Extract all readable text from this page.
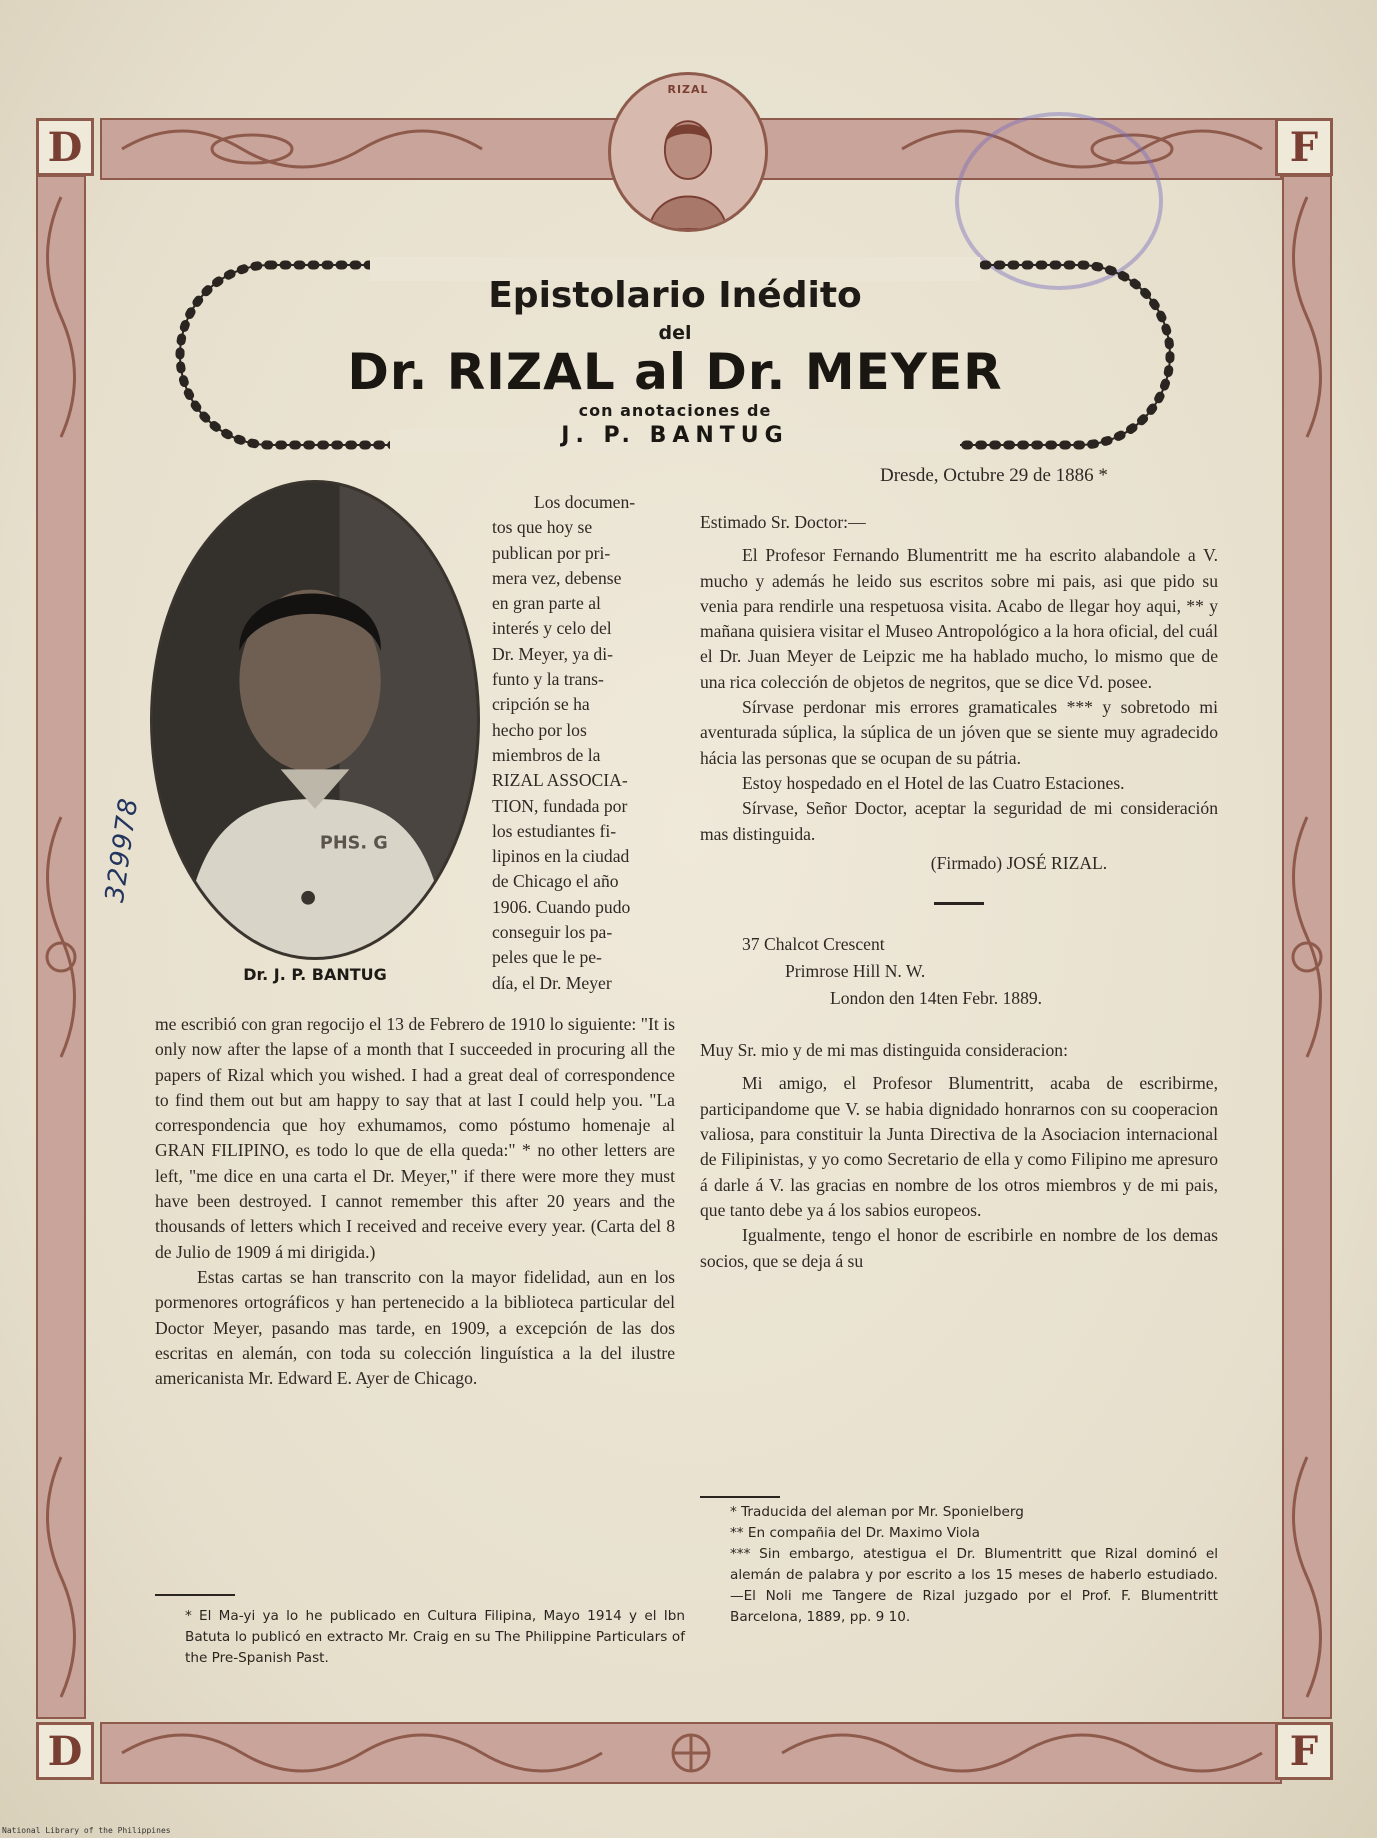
D	F
D	F
RIZAL
Epistolario Inédito
del
Dr. RIZAL al Dr. MEYER
con anotaciones de
J. P. BANTUG
PHS. G
Dr. J. P. BANTUG
329978
Los documen-
tos que hoy se
publican por pri-
mera vez, debense
en gran parte al
interés y celo del
Dr. Meyer, ya di-
funto y la trans-
cripción se ha
hecho por los
miembros de la
RIZAL ASSOCIA-
TION, fundada por
los estudiantes fi-
lipinos en la ciudad
de Chicago el año
1906. Cuando pudo
conseguir los pa-
peles que le pe-
día, el Dr. Meyer

me escribió con gran regocijo el 13 de Febrero de 1910 lo siguiente: "It is only now after the lapse of a month that I succeeded in procuring all the papers of Rizal which you wished. I had a great deal of correspondence to find them out but am happy to say that at last I could help you. "La correspondencia que hoy exhumamos, como póstumo homenaje al GRAN FILIPINO, es todo lo que de ella queda:" * no other letters are left, "me dice en una carta el Dr. Meyer," if there were more they must have been destroyed. I cannot remember this after 20 years and the thousands of letters which I received and receive every year. (Carta del 8 de Julio de 1909 á mi dirigida.)

Estas cartas se han transcrito con la mayor fidelidad, aun en los pormenores ortográficos y han pertenecido a la biblioteca particular del Doctor Meyer, pasando mas tarde, en 1909, a excepción de las dos escritas en alemán, con toda su colección linguística a la del ilustre americanista Mr. Edward E. Ayer de Chicago.

* El Ma-yi ya lo he publicado en Cultura Filipina, Mayo 1914 y el Ibn Batuta lo publicó en extracto Mr. Craig en su The Philippine Particulars of the Pre-Spanish Past.

Dresde, Octubre 29 de 1886 *

Estimado Sr. Doctor:—

El Profesor Fernando Blumentritt me ha escrito alabandole a V. mucho y además he leido sus escritos sobre mi pais, asi que pido su venia para rendirle una respetuosa visita. Acabo de llegar hoy aqui, ** y mañana quisiera visitar el Museo Antropológico a la hora oficial, del cuál el Dr. Juan Meyer de Leipzic me ha hablado mucho, lo mismo que de una rica colección de objetos de negritos, que se dice Vd. posee.

Sírvase perdonar mis errores gramaticales *** y sobretodo mi aventurada súplica, la súplica de un jóven que se siente muy agradecido hácia las personas que se ocupan de su pátria.

Estoy hospedado en el Hotel de las Cuatro Estaciones.

Sírvase, Señor Doctor, aceptar la seguridad de mi consideración mas distinguida.

(Firmado) JOSÉ RIZAL.

37 Chalcot Crescent
Primrose Hill N. W.
London den 14ten Febr. 1889.

Muy Sr. mio y de mi mas distinguida consideracion:

Mi amigo, el Profesor Blumentritt, acaba de escribirme, participandome que V. se habia dignidado honrarnos con su cooperacion valiosa, para constituir la Junta Directiva de la Asociacion internacional de Filipinistas, y yo como Secretario de ella y como Filipino me apresuro á darle á V. las gracias en nombre de los otros miembros y de mi pais, que tanto debe ya á los sabios europeos.

Igualmente, tengo el honor de escribirle en nombre de los demas socios, que se deja á su

* Traducida del aleman por Mr. Sponielberg

** En compañia del Dr. Maximo Viola

*** Sin embargo, atestigua el Dr. Blumentritt que Rizal dominó el alemán de palabra y por escrito a los 15 meses de haberlo estudiado.—El Noli me Tangere de Rizal juzgado por el Prof. F. Blumentritt Barcelona, 1889, pp. 9 10.

National Library of the Philippines
